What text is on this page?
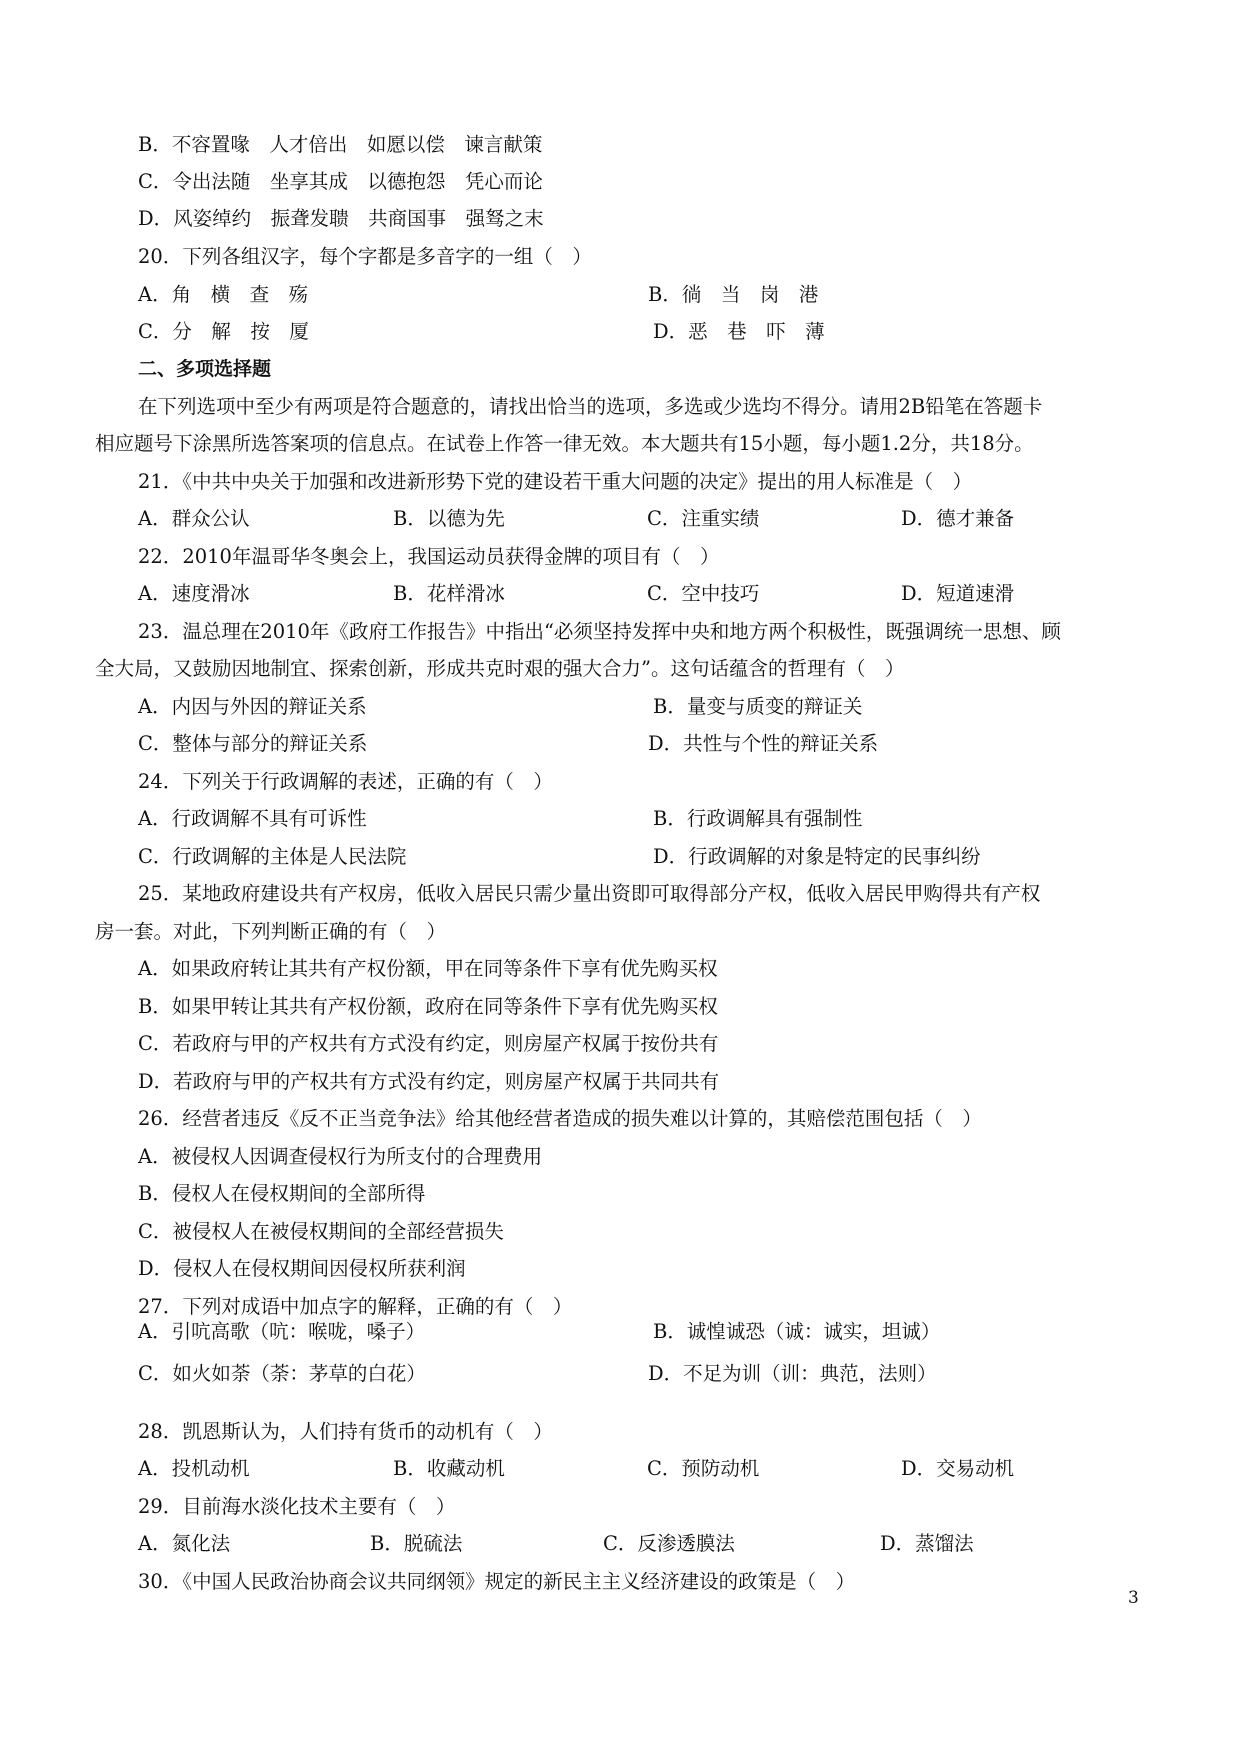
B．不容置喙　人才倍出　如愿以偿　谏言献策
C．令出法随　坐享其成　以德抱怨　凭心而论
D．风姿绰约　振聋发聩　共商国事　强驽之末
20．下列各组汉字，每个字都是多音字的一组（　）
A．角　横　查　殇	B．徜　当　岗　港
C．分　解　按　厦	D．恶　巷　吓　薄
二、多项选择题
在下列选项中至少有两项是符合题意的，请找出恰当的选项，多选或少选均不得分。请用2B铅笔在答题卡
相应题号下涂黑所选答案项的信息点。在试卷上作答一律无效。本大题共有15小题，每小题1.2分，共18分。
21．《中共中央关于加强和改进新形势下党的建设若干重大问题的决定》提出的用人标准是（　）
A．群众公认	B．以德为先	C．注重实绩	D．德才兼备
22．2010年温哥华冬奥会上，我国运动员获得金牌的项目有（　）
A．速度滑冰	B．花样滑冰	C．空中技巧	D．短道速滑
23．温总理在2010年《政府工作报告》中指出“必须坚持发挥中央和地方两个积极性，既强调统一思想、顾
全大局，又鼓励因地制宜、探索创新，形成共克时艰的强大合力”。这句话蕴含的哲理有（　）
A．内因与外因的辩证关系	B．量变与质变的辩证关
C．整体与部分的辩证关系	D．共性与个性的辩证关系
24．下列关于行政调解的表述，正确的有（　）
A．行政调解不具有可诉性	B．行政调解具有强制性
C．行政调解的主体是人民法院	D．行政调解的对象是特定的民事纠纷
25．某地政府建设共有产权房，低收入居民只需少量出资即可取得部分产权，低收入居民甲购得共有产权
房一套。对此，下列判断正确的有（　）
A．如果政府转让其共有产权份额，甲在同等条件下享有优先购买权
B．如果甲转让其共有产权份额，政府在同等条件下享有优先购买权
C．若政府与甲的产权共有方式没有约定，则房屋产权属于按份共有
D．若政府与甲的产权共有方式没有约定，则房屋产权属于共同共有
26．经营者违反《反不正当竞争法》给其他经营者造成的损失难以计算的，其赔偿范围包括（　）
A．被侵权人因调查侵权行为所支付的合理费用
B．侵权人在侵权期间的全部所得
C．被侵权人在被侵权期间的全部经营损失
D．侵权人在侵权期间因侵权所获利润
27．下列对成语中加点字的解释，正确的有（　）
A．引吭高歌（吭：喉咙，嗓子）	B．诚惶诚恐（诚：诚实，坦诚）
C．如火如荼（荼：茅草的白花）	D．不足为训（训：典范，法则）
28．凯恩斯认为，人们持有货币的动机有（　）
A．投机动机	B．收藏动机	C．预防动机	D．交易动机
29．目前海水淡化技术主要有（　）
A．氮化法	B．脱硫法	C．反渗透膜法	D．蒸馏法
30．《中国人民政治协商会议共同纲领》规定的新民主主义经济建设的政策是（　）
3
